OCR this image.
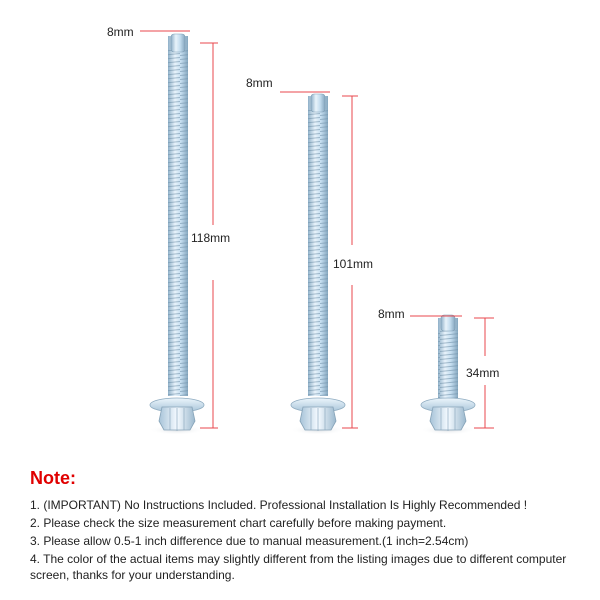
8mm
118mm
8mm
101mm
8mm
34mm
Note:
1. (IMPORTANT) No Instructions Included. Professional Installation Is Highly Recommended !
2. Please check the size measurement chart carefully before making payment.
3. Please allow 0.5-1 inch difference due to manual measurement.(1 inch=2.54cm)
4. The color of the actual items may slightly different from the listing images due to different computer screen, thanks for your understanding.
